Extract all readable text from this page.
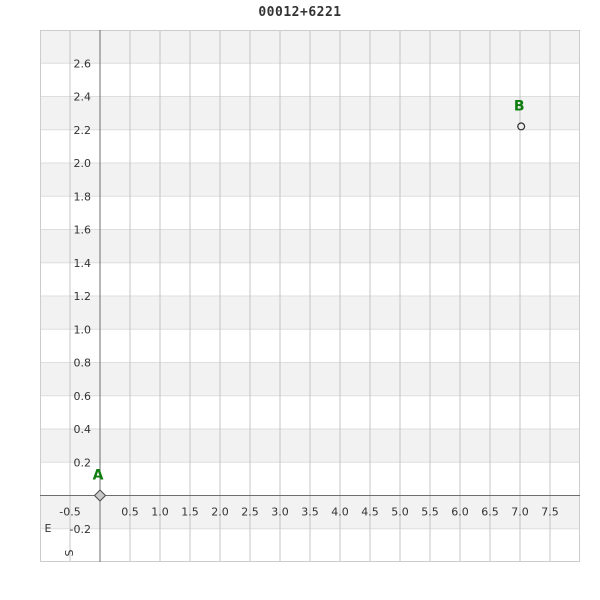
00012+6221
-0.5	0.5 1.0 1.5 2.0 2.5 3.0 3.5 4.0 4.5 5.0 5.5 6.0 6.5 7.0 7.5
2.6
2.4
2.2
2.0
1.8
1.6
1.4
1.2
1.0
0.8
0.6
0.4
0.2
-0.2
E
S
A
B
